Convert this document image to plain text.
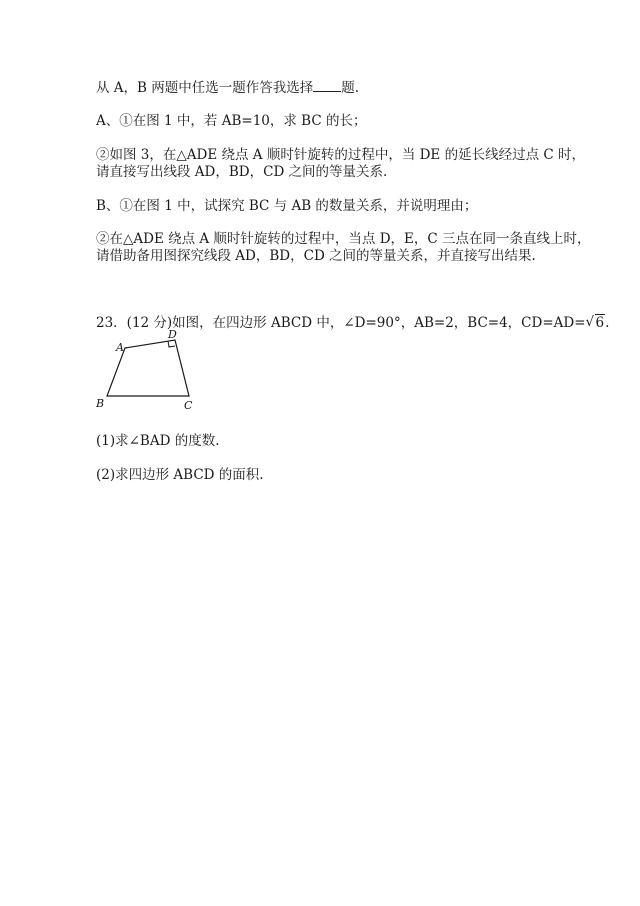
从 A，B 两题中任选一题作答我选择 题.
A、①在图 1 中，若 AB=10，求 BC 的长；
②如图 3，在△ADE 绕点 A 顺时针旋转的过程中，当 DE 的延长线经过点 C 时，
请直接写出线段 AD，BD，CD 之间的等量关系.
B、①在图 1 中，试探究 BC 与 AB 的数量关系，并说明理由；
②在△ADE 绕点 A 顺时针旋转的过程中，当点 D，E，C 三点在同一条直线上时，
请借助备用图探究线段 AD，BD，CD 之间的等量关系，并直接写出结果.
23．(12 分)如图，在四边形 ABCD 中，∠D=90°，AB=2，BC=4，CD=AD= √ 6.
A
D
B	C
(1)求∠BAD 的度数.
(2)求四边形 ABCD 的面积.
